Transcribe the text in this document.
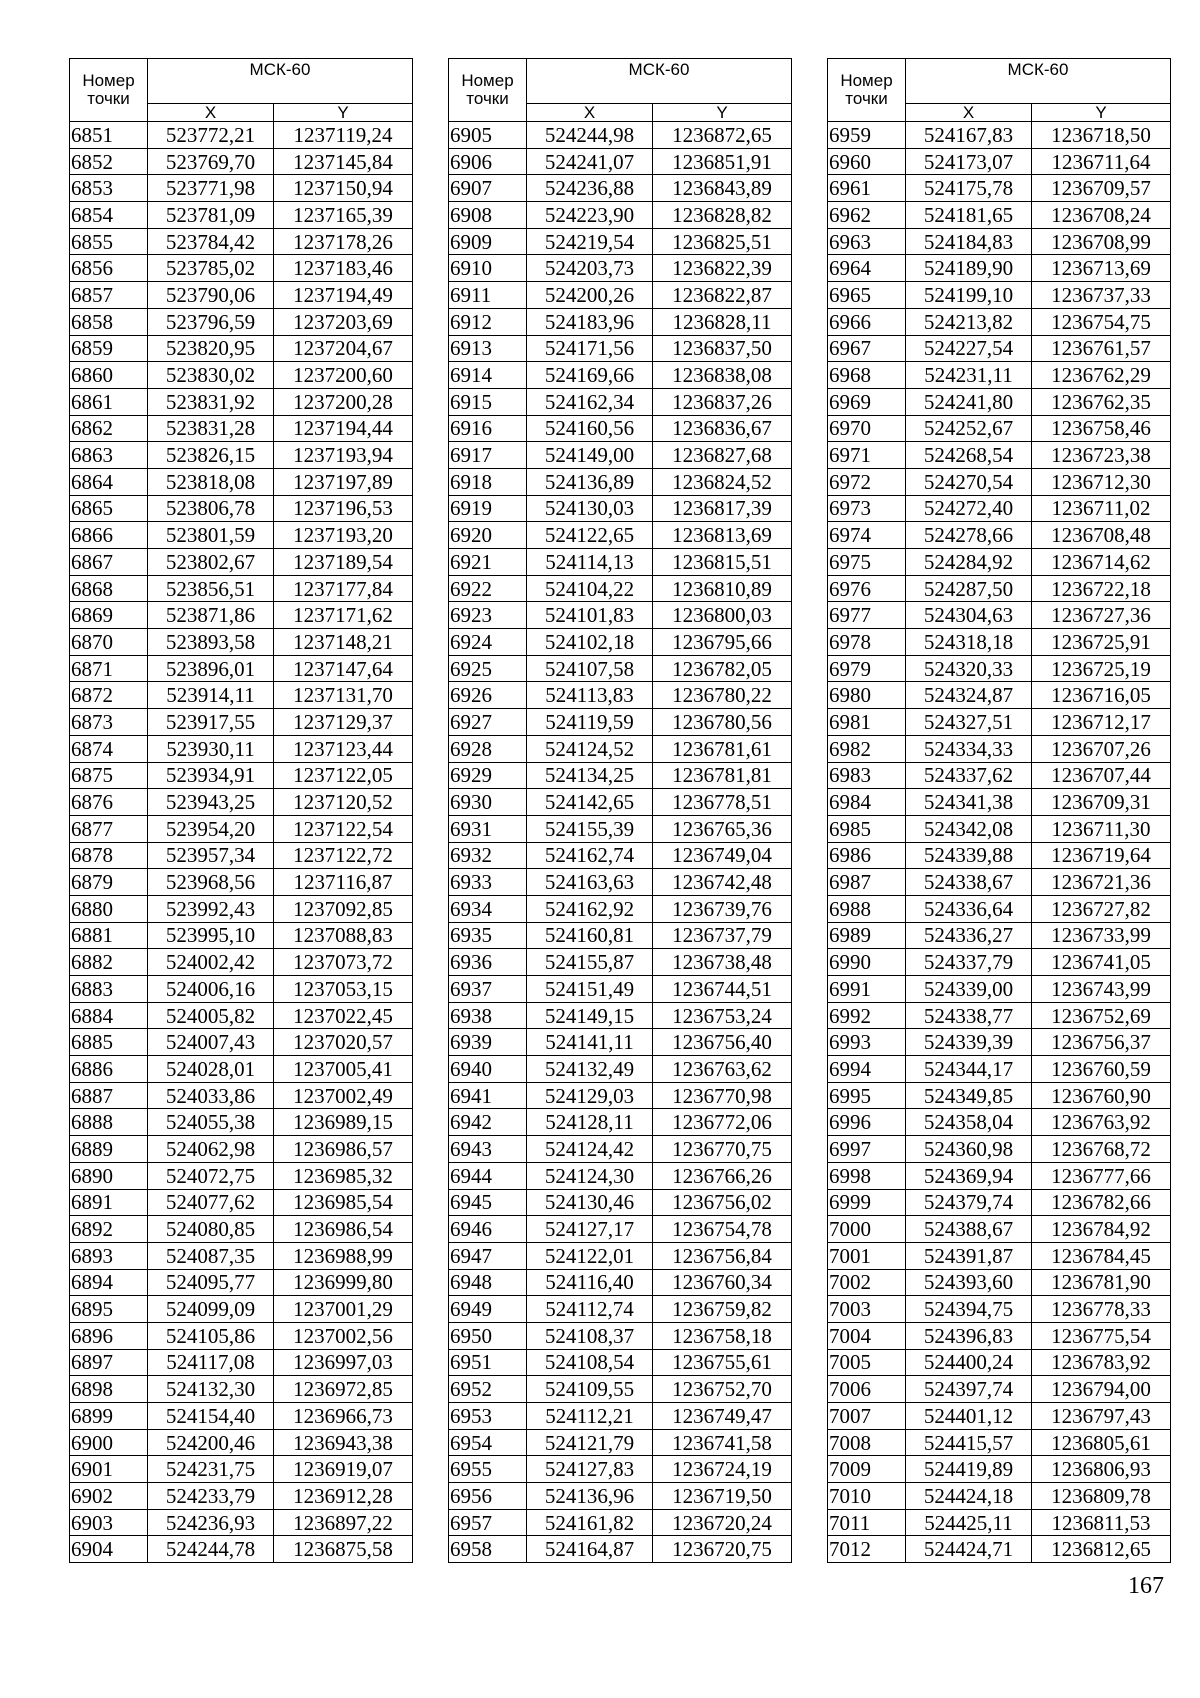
Номер точки	МСК-60	
	X	Y
6851	523772,21	1237119,24
6852	523769,70	1237145,84
6853	523771,98	1237150,94
6854	523781,09	1237165,39
6855	523784,42	1237178,26
6856	523785,02	1237183,46
6857	523790,06	1237194,49
6858	523796,59	1237203,69
6859	523820,95	1237204,67
6860	523830,02	1237200,60
6861	523831,92	1237200,28
6862	523831,28	1237194,44
6863	523826,15	1237193,94
6864	523818,08	1237197,89
6865	523806,78	1237196,53
6866	523801,59	1237193,20
6867	523802,67	1237189,54
6868	523856,51	1237177,84
6869	523871,86	1237171,62
6870	523893,58	1237148,21
6871	523896,01	1237147,64
6872	523914,11	1237131,70
6873	523917,55	1237129,37
6874	523930,11	1237123,44
6875	523934,91	1237122,05
6876	523943,25	1237120,52
6877	523954,20	1237122,54
6878	523957,34	1237122,72
6879	523968,56	1237116,87
6880	523992,43	1237092,85
6881	523995,10	1237088,83
6882	524002,42	1237073,72
6883	524006,16	1237053,15
6884	524005,82	1237022,45
6885	524007,43	1237020,57
6886	524028,01	1237005,41
6887	524033,86	1237002,49
6888	524055,38	1236989,15
6889	524062,98	1236986,57
6890	524072,75	1236985,32
6891	524077,62	1236985,54
6892	524080,85	1236986,54
6893	524087,35	1236988,99
6894	524095,77	1236999,80
6895	524099,09	1237001,29
6896	524105,86	1237002,56
6897	524117,08	1236997,03
6898	524132,30	1236972,85
6899	524154,40	1236966,73
6900	524200,46	1236943,38
6901	524231,75	1236919,07
6902	524233,79	1236912,28
6903	524236,93	1236897,22
6904	524244,78	1236875,58
Номер точки	МСК-60	
	X	Y
6905	524244,98	1236872,65
6906	524241,07	1236851,91
6907	524236,88	1236843,89
6908	524223,90	1236828,82
6909	524219,54	1236825,51
6910	524203,73	1236822,39
6911	524200,26	1236822,87
6912	524183,96	1236828,11
6913	524171,56	1236837,50
6914	524169,66	1236838,08
6915	524162,34	1236837,26
6916	524160,56	1236836,67
6917	524149,00	1236827,68
6918	524136,89	1236824,52
6919	524130,03	1236817,39
6920	524122,65	1236813,69
6921	524114,13	1236815,51
6922	524104,22	1236810,89
6923	524101,83	1236800,03
6924	524102,18	1236795,66
6925	524107,58	1236782,05
6926	524113,83	1236780,22
6927	524119,59	1236780,56
6928	524124,52	1236781,61
6929	524134,25	1236781,81
6930	524142,65	1236778,51
6931	524155,39	1236765,36
6932	524162,74	1236749,04
6933	524163,63	1236742,48
6934	524162,92	1236739,76
6935	524160,81	1236737,79
6936	524155,87	1236738,48
6937	524151,49	1236744,51
6938	524149,15	1236753,24
6939	524141,11	1236756,40
6940	524132,49	1236763,62
6941	524129,03	1236770,98
6942	524128,11	1236772,06
6943	524124,42	1236770,75
6944	524124,30	1236766,26
6945	524130,46	1236756,02
6946	524127,17	1236754,78
6947	524122,01	1236756,84
6948	524116,40	1236760,34
6949	524112,74	1236759,82
6950	524108,37	1236758,18
6951	524108,54	1236755,61
6952	524109,55	1236752,70
6953	524112,21	1236749,47
6954	524121,79	1236741,58
6955	524127,83	1236724,19
6956	524136,96	1236719,50
6957	524161,82	1236720,24
6958	524164,87	1236720,75
Номер точки	МСК-60	
	X	Y
6959	524167,83	1236718,50
6960	524173,07	1236711,64
6961	524175,78	1236709,57
6962	524181,65	1236708,24
6963	524184,83	1236708,99
6964	524189,90	1236713,69
6965	524199,10	1236737,33
6966	524213,82	1236754,75
6967	524227,54	1236761,57
6968	524231,11	1236762,29
6969	524241,80	1236762,35
6970	524252,67	1236758,46
6971	524268,54	1236723,38
6972	524270,54	1236712,30
6973	524272,40	1236711,02
6974	524278,66	1236708,48
6975	524284,92	1236714,62
6976	524287,50	1236722,18
6977	524304,63	1236727,36
6978	524318,18	1236725,91
6979	524320,33	1236725,19
6980	524324,87	1236716,05
6981	524327,51	1236712,17
6982	524334,33	1236707,26
6983	524337,62	1236707,44
6984	524341,38	1236709,31
6985	524342,08	1236711,30
6986	524339,88	1236719,64
6987	524338,67	1236721,36
6988	524336,64	1236727,82
6989	524336,27	1236733,99
6990	524337,79	1236741,05
6991	524339,00	1236743,99
6992	524338,77	1236752,69
6993	524339,39	1236756,37
6994	524344,17	1236760,59
6995	524349,85	1236760,90
6996	524358,04	1236763,92
6997	524360,98	1236768,72
6998	524369,94	1236777,66
6999	524379,74	1236782,66
7000	524388,67	1236784,92
7001	524391,87	1236784,45
7002	524393,60	1236781,90
7003	524394,75	1236778,33
7004	524396,83	1236775,54
7005	524400,24	1236783,92
7006	524397,74	1236794,00
7007	524401,12	1236797,43
7008	524415,57	1236805,61
7009	524419,89	1236806,93
7010	524424,18	1236809,78
7011	524425,11	1236811,53
7012	524424,71	1236812,65
167
